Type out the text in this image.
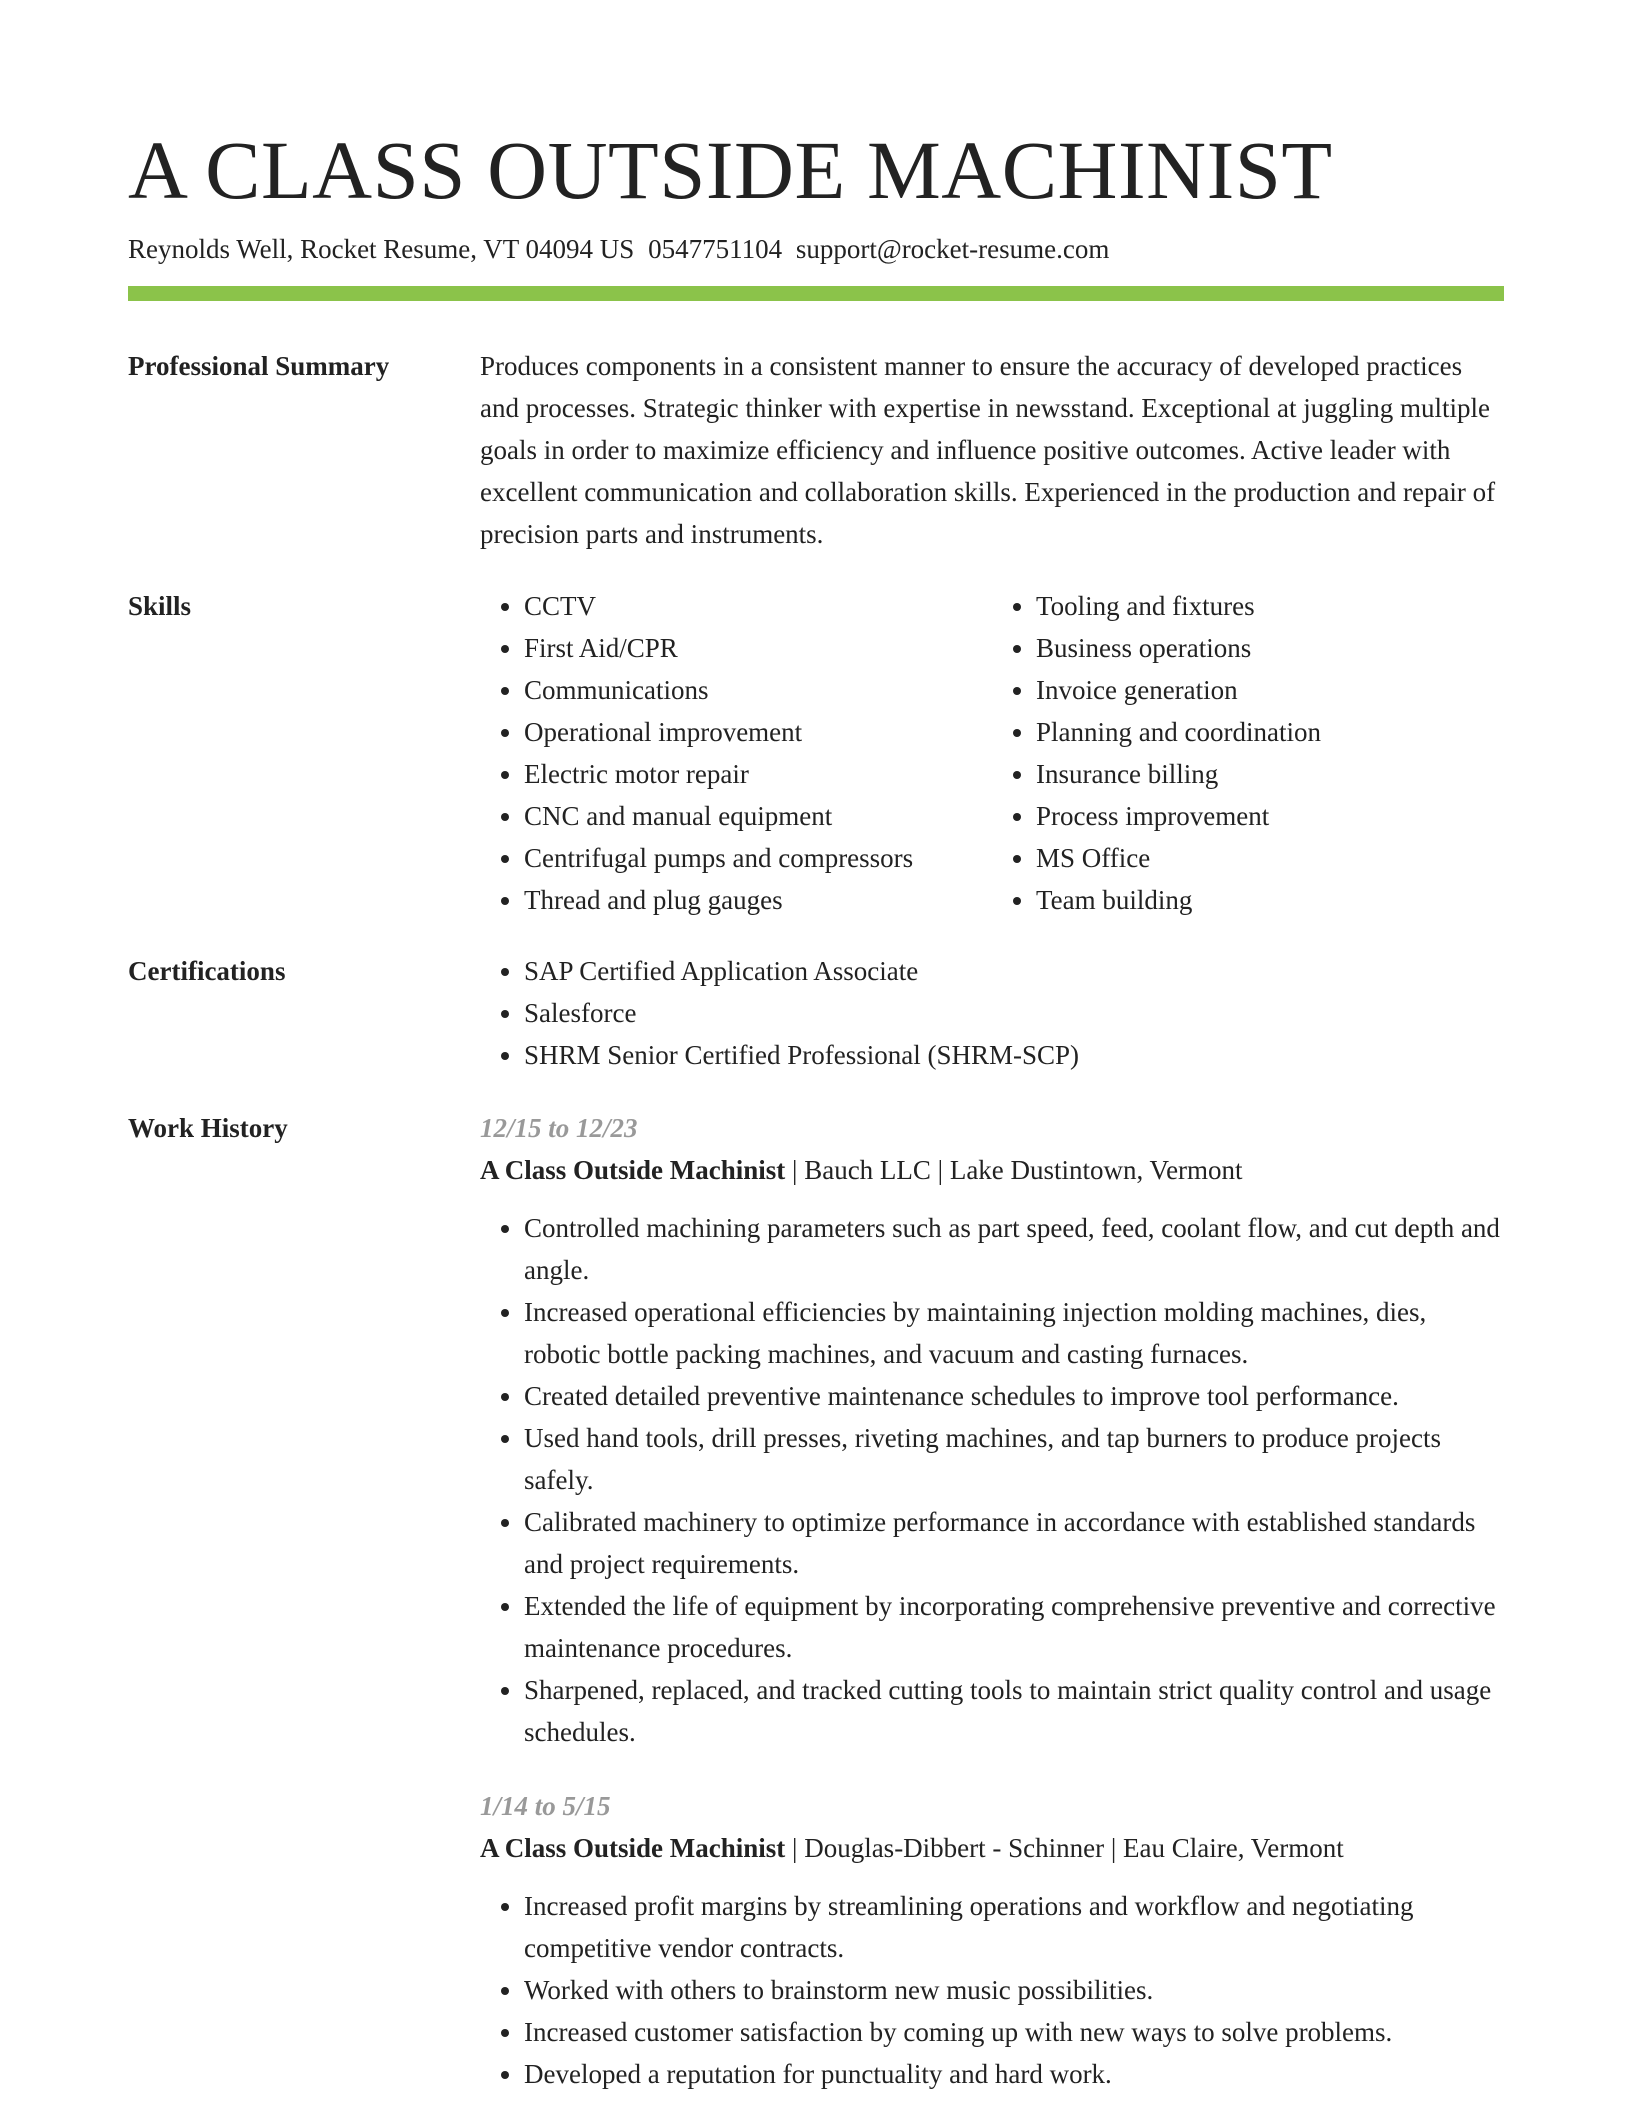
A CLASS OUTSIDE MACHINIST
Reynolds Well, Rocket Resume, VT 04094 US 0547751104 support@rocket-resume.com
Professional Summary	Produces components in a consistent manner to ensure the accuracy of developed practices and processes. Strategic thinker with expertise in newsstand. Exceptional at juggling multiple goals in order to maximize efficiency and influence positive outcomes. Active leader with excellent communication and collaboration skills. Experienced in the production and repair of precision parts and instruments.

Skills	• CCTV
• First Aid/CPR
• Communications
• Operational improvement
• Electric motor repair
• CNC and manual equipment
• Centrifugal pumps and compressors
• Thread and plug gauges
• Tooling and fixtures
• Business operations
• Invoice generation
• Planning and coordination
• Insurance billing
• Process improvement
• MS Office
• Team building
Certifications	• SAP Certified Application Associate
• Salesforce
• SHRM Senior Certified Professional (SHRM-SCP)
Work History	12/15 to 12/23
A Class Outside Machinist | Bauch LLC | Lake Dustintown, Vermont
• Controlled machining parameters such as part speed, feed, coolant flow, and cut depth and angle.
• Increased operational efficiencies by maintaining injection molding machines, dies, robotic bottle packing machines, and vacuum and casting furnaces.
• Created detailed preventive maintenance schedules to improve tool performance.
• Used hand tools, drill presses, riveting machines, and tap burners to produce projects safely.
• Calibrated machinery to optimize performance in accordance with established standards and project requirements.
• Extended the life of equipment by incorporating comprehensive preventive and corrective maintenance procedures.
• Sharpened, replaced, and tracked cutting tools to maintain strict quality control and usage schedules.
1/14 to 5/15
A Class Outside Machinist | Douglas-Dibbert - Schinner | Eau Claire, Vermont
• Increased profit margins by streamlining operations and workflow and negotiating competitive vendor contracts.
• Worked with others to brainstorm new music possibilities.
• Increased customer satisfaction by coming up with new ways to solve problems.
• Developed a reputation for punctuality and hard work.
